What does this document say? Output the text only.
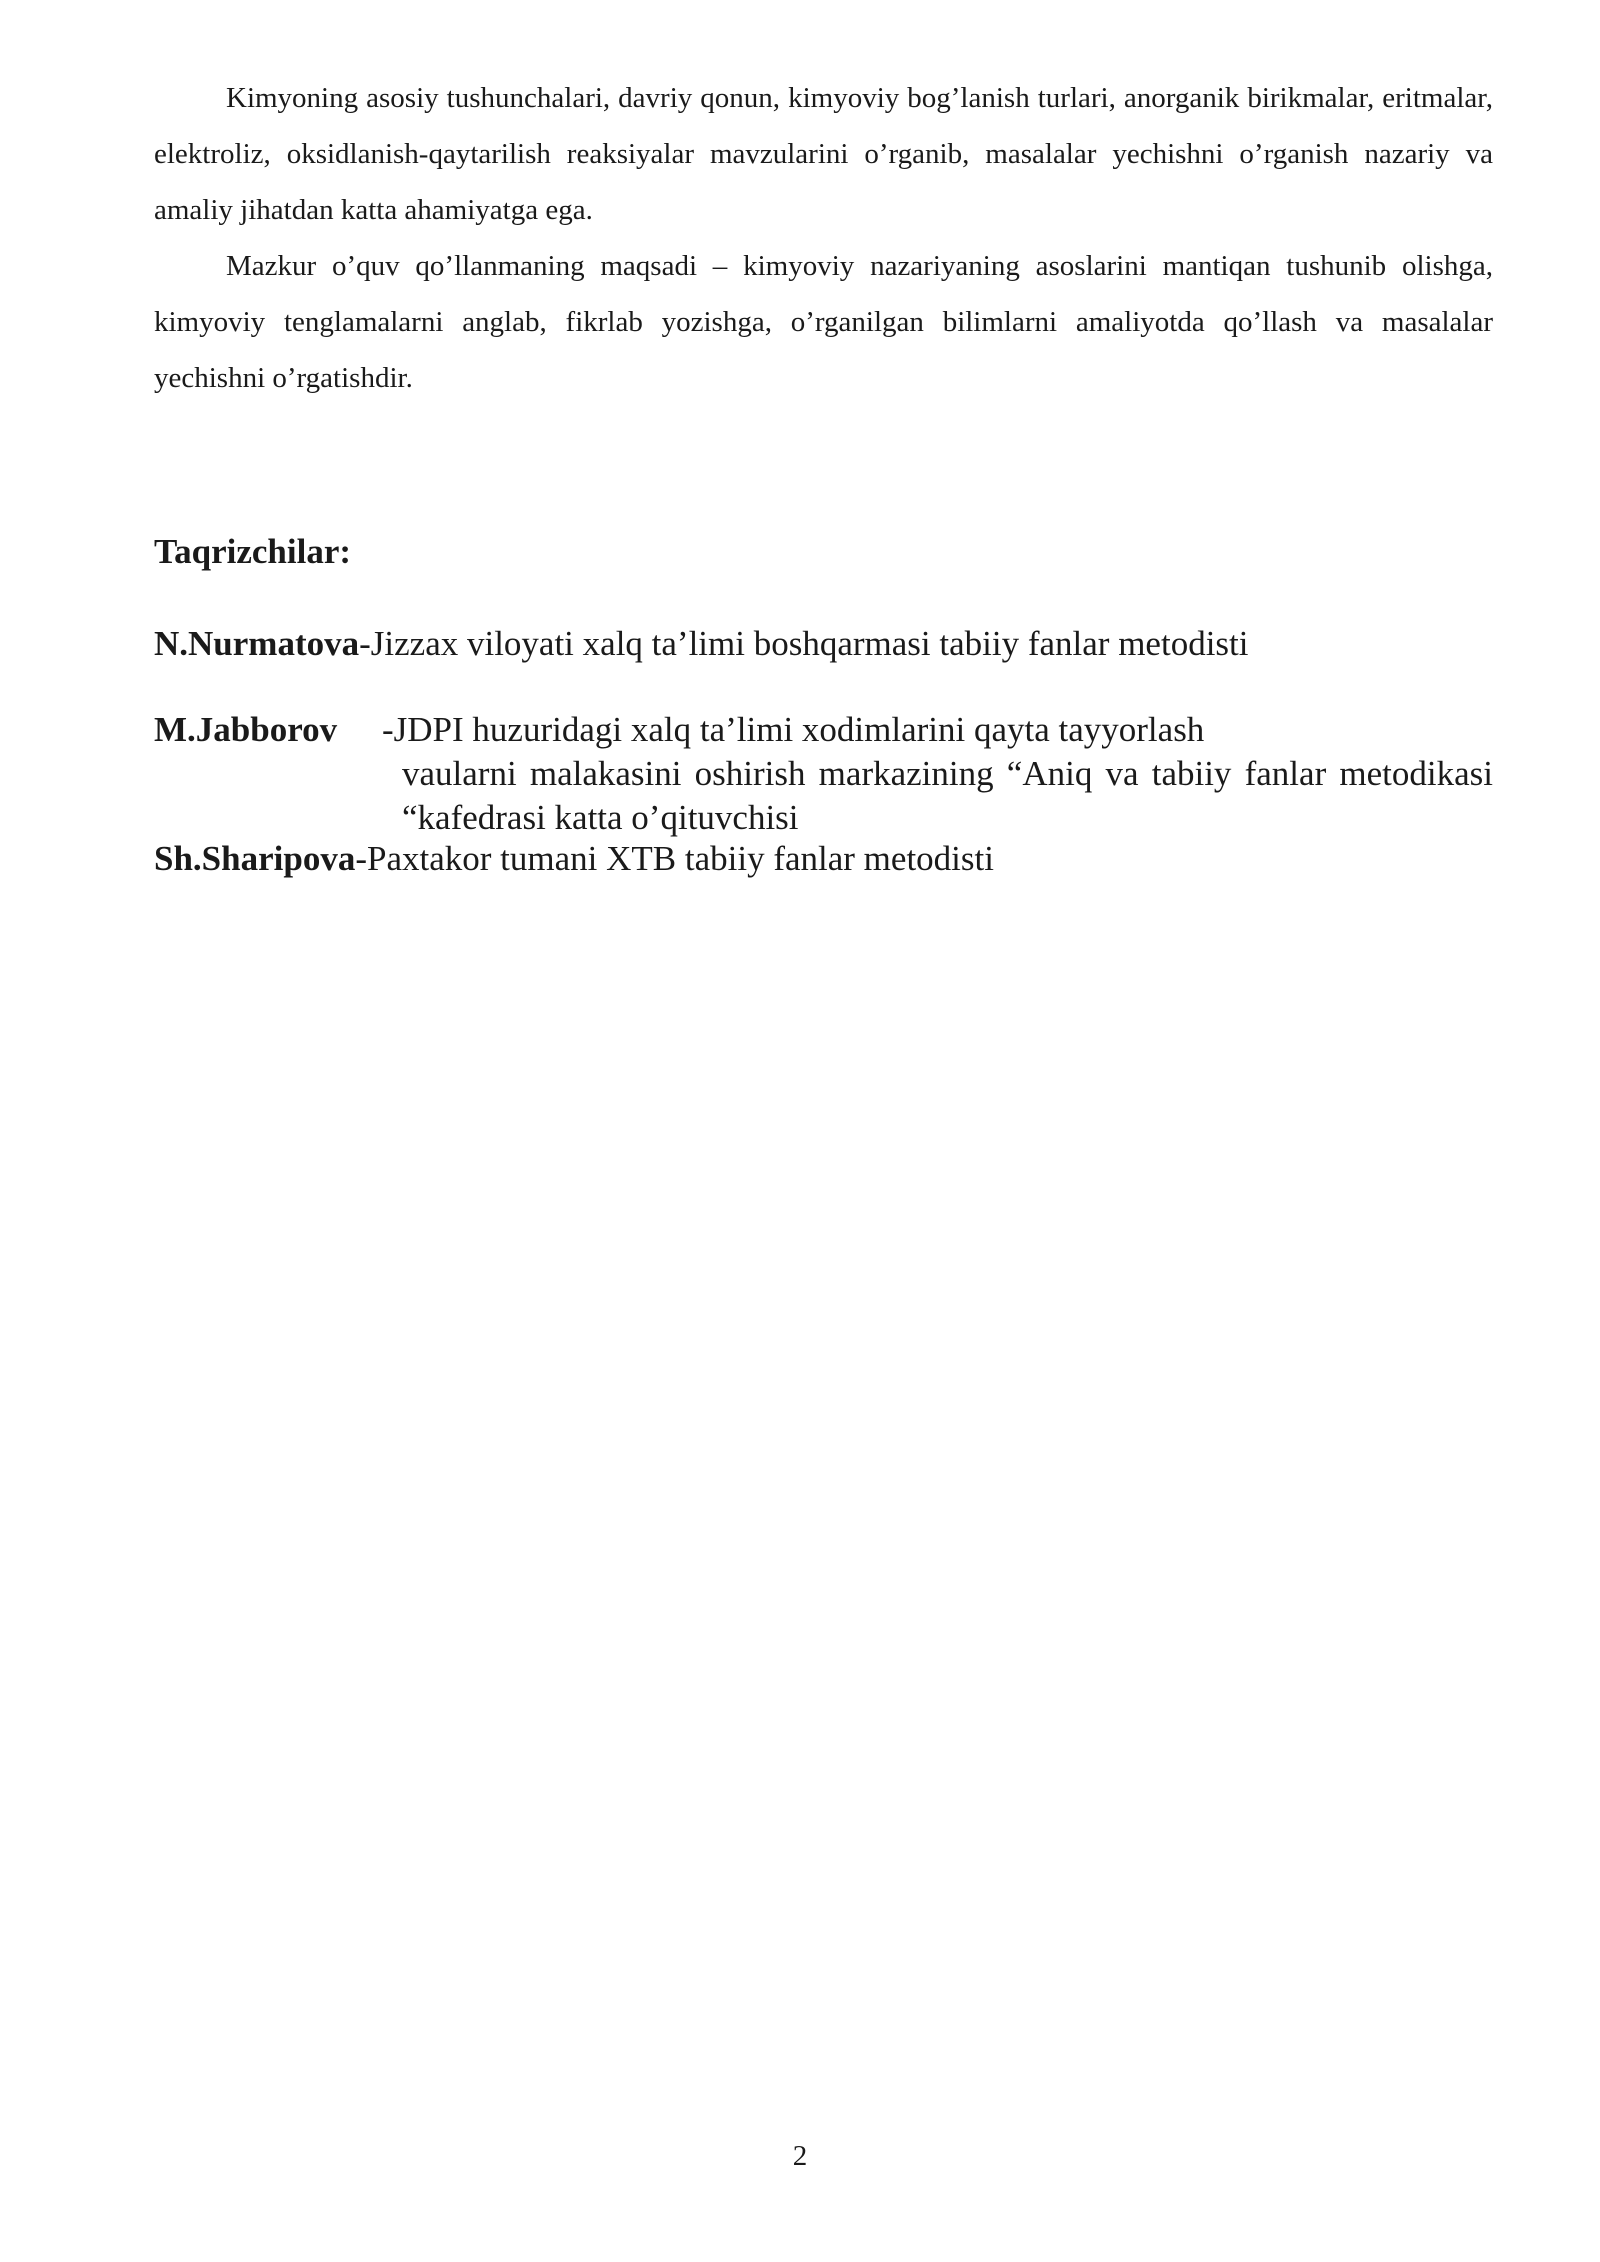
Kimyoning asosiy tushunchalari, davriy qonun, kimyoviy bog’lanish turlari, anorganik birikmalar, eritmalar, elektroliz, oksidlanish-qaytarilish reaksiyalar mavzularini o’rganib, masalalar yechishni o’rganish nazariy va amaliy jihatdan katta ahamiyatga ega.

Mazkur o’quv qo’llanmaning maqsadi – kimyoviy nazariyaning asoslarini mantiqan tushunib olishga, kimyoviy tenglamalarni anglab, fikrlab yozishga, o’rganilgan bilimlarni amaliyotda qo’llash va masalalar yechishni o’rgatishdir.

Taqrizchilar:

N.Nurmatova-Jizzax viloyati xalq ta’limi boshqarmasi tabiiy fanlar metodisti

M.Jabborov -JDPI huzuridagi xalq ta’limi xodimlarini qayta tayyorlash
vaularni malakasini oshirish markazining “Aniq va tabiiy fanlar metodikasi “kafedrasi katta o’qituvchisi

Sh.Sharipova-Paxtakor tumani XTB tabiiy fanlar metodisti

2
